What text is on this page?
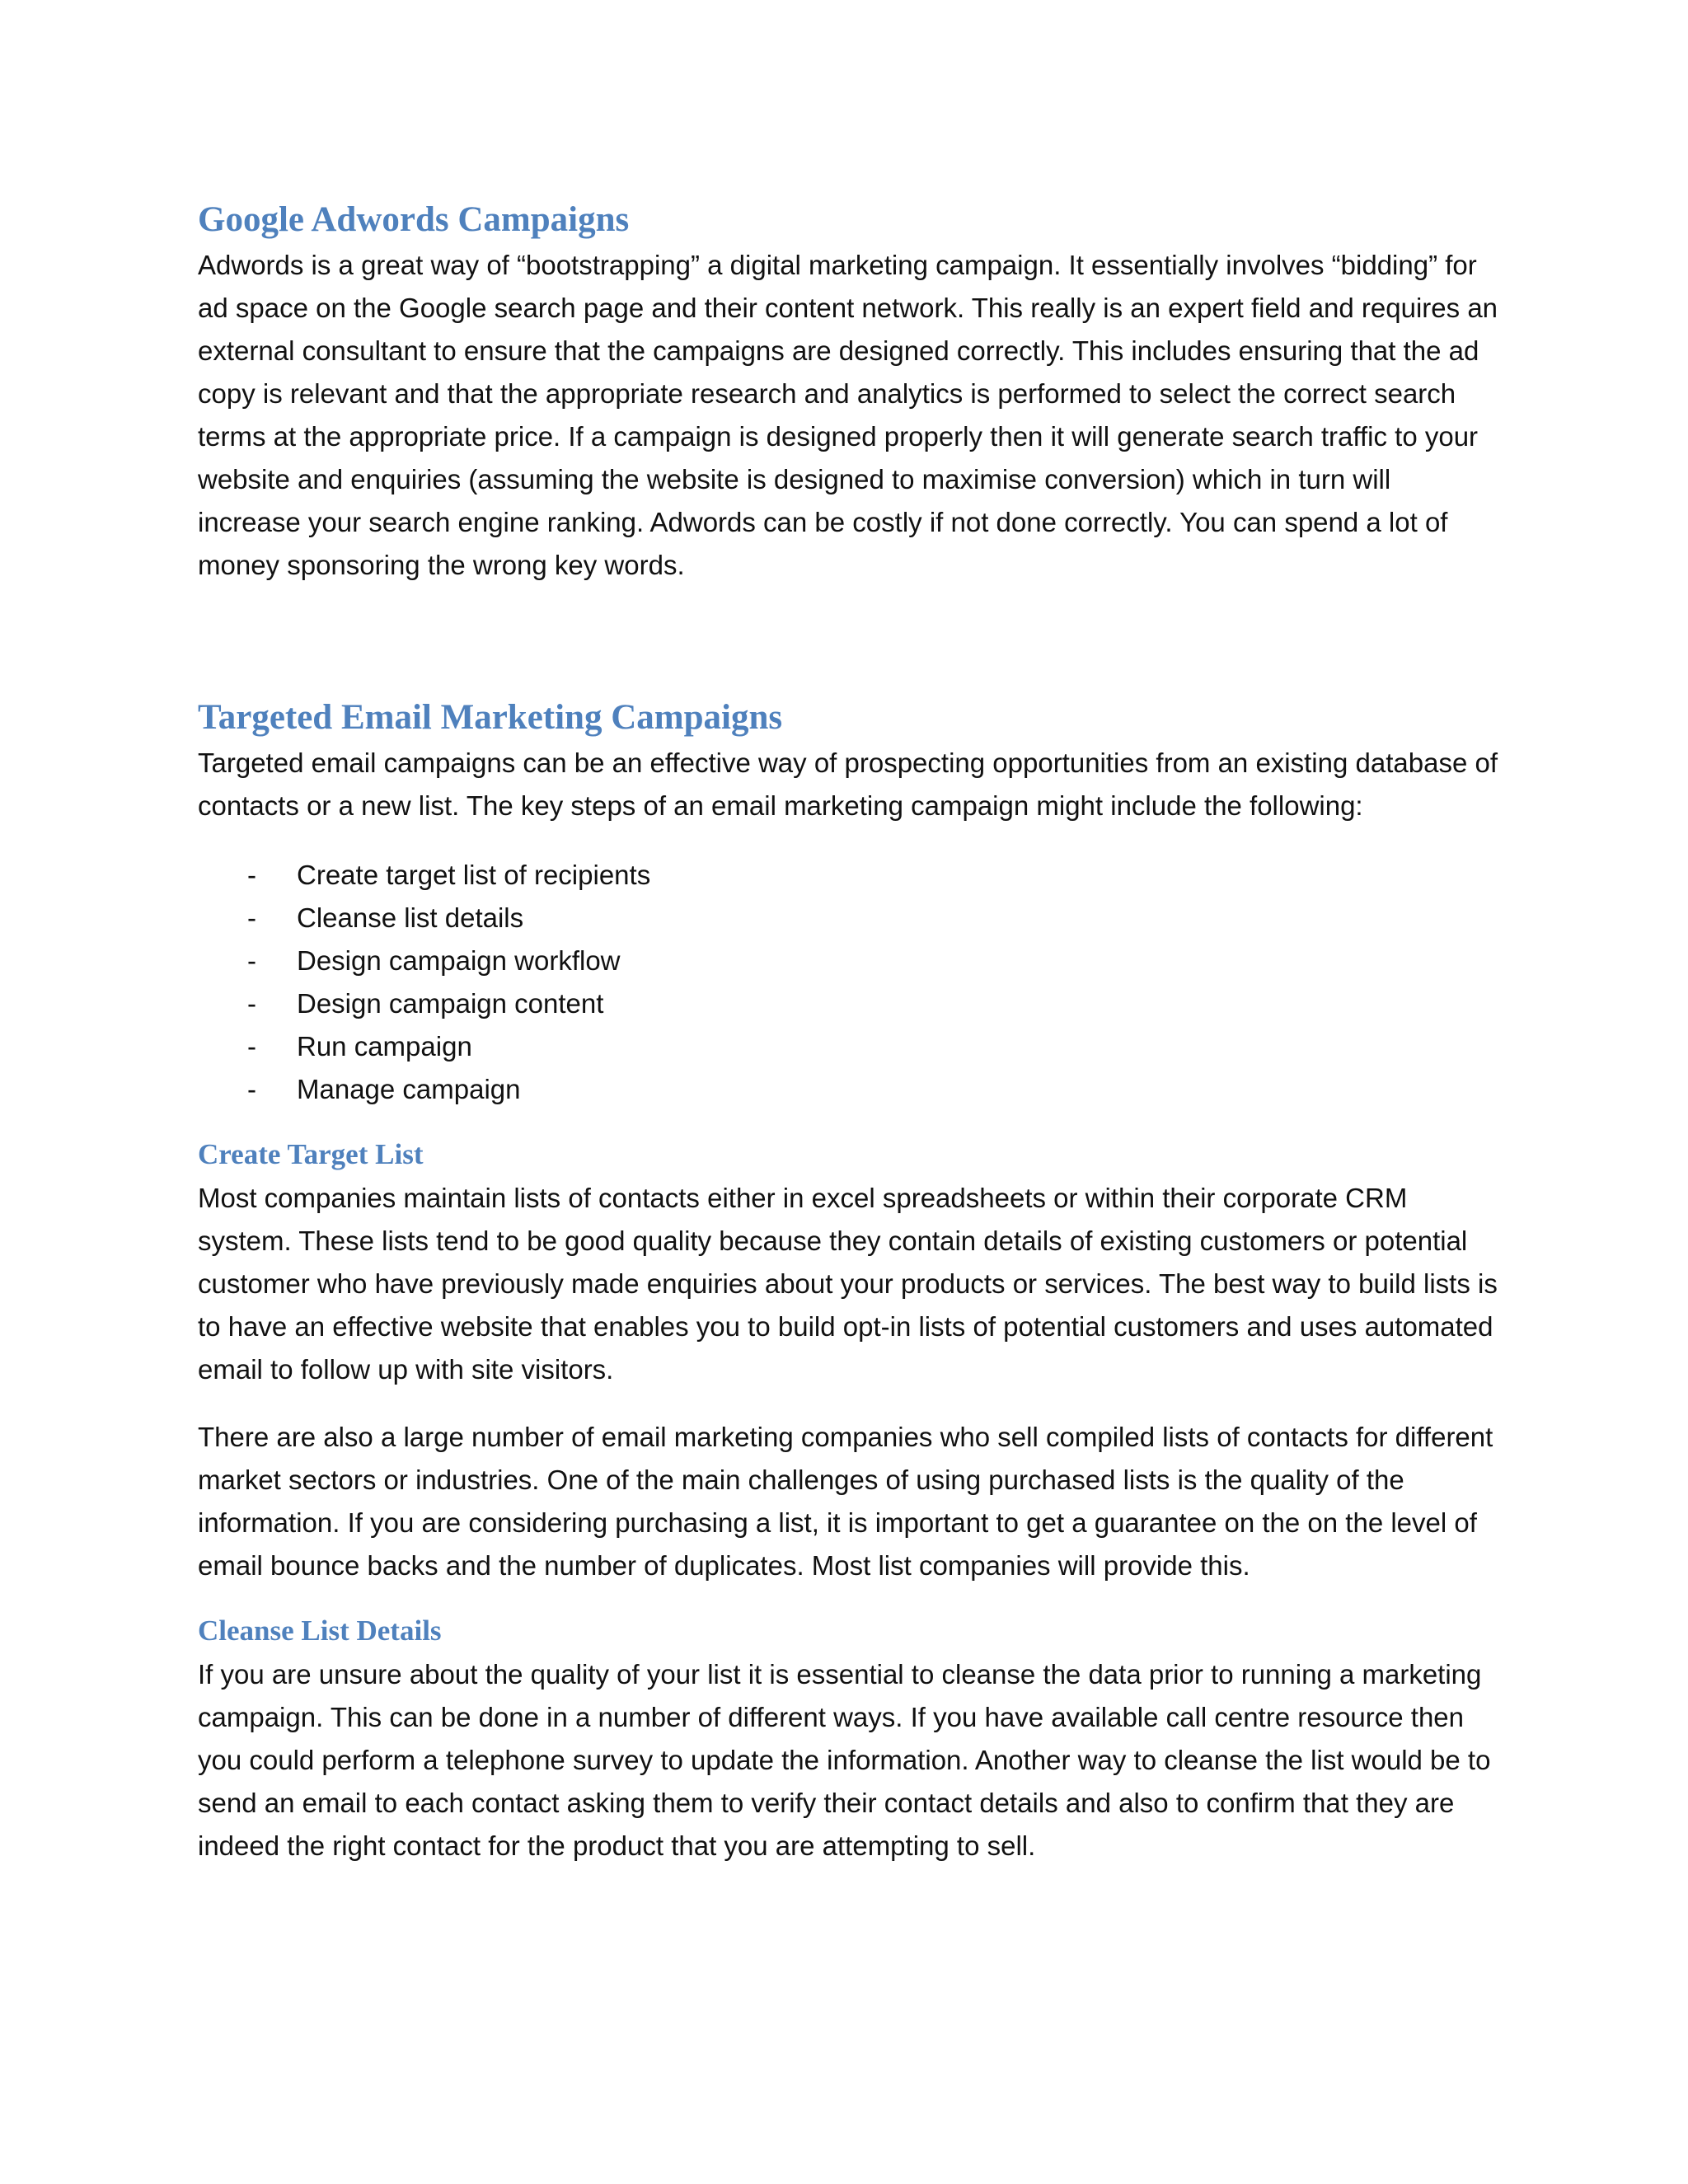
Google Adwords Campaigns

Adwords is a great way of “bootstrapping” a digital marketing campaign. It essentially involves “bidding” for ad space on the Google search page and their content network. This really is an expert field and requires an external consultant to ensure that the campaigns are designed correctly. This includes ensuring that the ad copy is relevant and that the appropriate research and analytics is performed to select the correct search terms at the appropriate price. If a campaign is designed properly then it will generate search traffic to your website and enquiries (assuming the website is designed to maximise conversion) which in turn will increase your search engine ranking. Adwords can be costly if not done correctly. You can spend a lot of money sponsoring the wrong key words.

Targeted Email Marketing Campaigns

Targeted email campaigns can be an effective way of prospecting opportunities from an existing database of contacts or a new list. The key steps of an email marketing campaign might include the following:

- Create target list of recipients
- Cleanse list details
- Design campaign workflow
- Design campaign content
- Run campaign
- Manage campaign
Create Target List

Most companies maintain lists of contacts either in excel spreadsheets or within their corporate CRM system. These lists tend to be good quality because they contain details of existing customers or potential customer who have previously made enquiries about your products or services. The best way to build lists is to have an effective website that enables you to build opt-in lists of potential customers and uses automated email to follow up with site visitors.

There are also a large number of email marketing companies who sell compiled lists of contacts for different market sectors or industries. One of the main challenges of using purchased lists is the quality of the information. If you are considering purchasing a list, it is important to get a guarantee on the on the level of email bounce backs and the number of duplicates. Most list companies will provide this.

Cleanse List Details

If you are unsure about the quality of your list it is essential to cleanse the data prior to running a marketing campaign. This can be done in a number of different ways. If you have available call centre resource then you could perform a telephone survey to update the information. Another way to cleanse the list would be to send an email to each contact asking them to verify their contact details and also to confirm that they are indeed the right contact for the product that you are attempting to sell.
